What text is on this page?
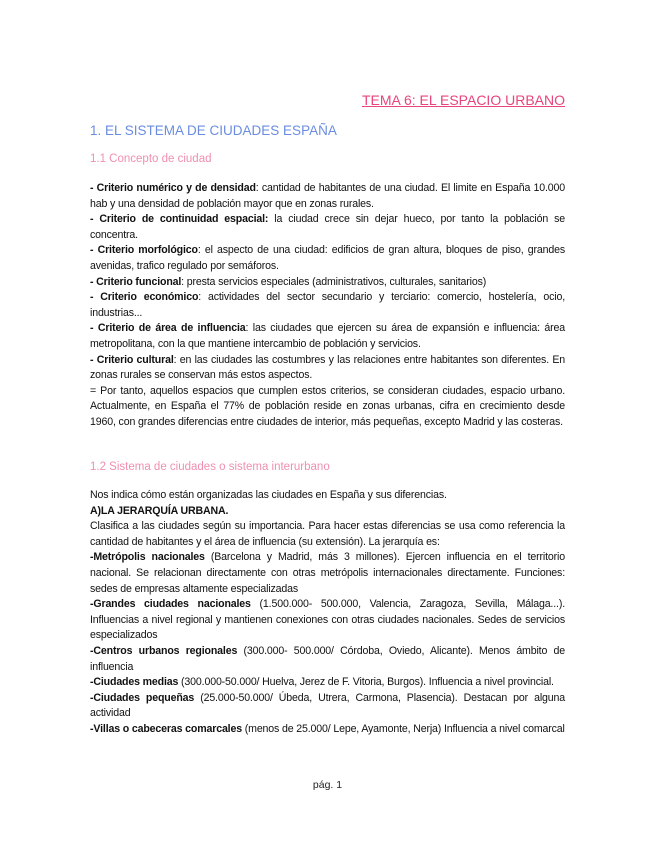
TEMA 6: EL ESPACIO URBANO
1. EL SISTEMA DE CIUDADES ESPAÑA
1.1 Concepto de ciudad

- Criterio numérico y de densidad: cantidad de habitantes de una ciudad. El limite en España 10.000 hab y una densidad de población mayor que en zonas rurales.

- Criterio de continuidad espacial: la ciudad crece sin dejar hueco, por tanto la población se concentra.

- Criterio morfológico: el aspecto de una ciudad: edificios de gran altura, bloques de piso, grandes avenidas, trafico regulado por semáforos.

- Criterio funcional: presta servicios especiales (administrativos, culturales, sanitarios)

- Criterio económico: actividades del sector secundario y terciario: comercio, hostelería, ocio, industrias...

- Criterio de área de influencia: las ciudades que ejercen su área de expansión e influencia: área metropolitana, con la que mantiene intercambio de población y servicios.

- Criterio cultural: en las ciudades las costumbres y las relaciones entre habitantes son diferentes. En zonas rurales se conservan más estos aspectos.

= Por tanto, aquellos espacios que cumplen estos criterios, se consideran ciudades, espacio urbano. Actualmente, en España el 77% de población reside en zonas urbanas, cifra en crecimiento desde 1960, con grandes diferencias entre ciudades de interior, más pequeñas, excepto Madrid y las costeras.

1.2 Sistema de ciudades o sistema interurbano

Nos indica cómo están organizadas las ciudades en España y sus diferencias.

A)LA JERARQUÍA URBANA.

Clasifica a las ciudades según su importancia. Para hacer estas diferencias se usa como referencia la cantidad de habitantes y el área de influencia (su extensión). La jerarquía es:

-Metrópolis nacionales (Barcelona y Madrid, más 3 millones). Ejercen influencia en el territorio nacional. Se relacionan directamente con otras metrópolis internacionales directamente. Funciones: sedes de empresas altamente especializadas

-Grandes ciudades nacionales (1.500.000- 500.000, Valencia, Zaragoza, Sevilla, Málaga...). Influencias a nivel regional y mantienen conexiones con otras ciudades nacionales. Sedes de servicios especializados

-Centros urbanos regionales (300.000- 500.000/ Córdoba, Oviedo, Alicante). Menos ámbito de influencia

-Ciudades medias (300.000-50.000/ Huelva, Jerez de F. Vitoria, Burgos). Influencia a nivel provincial.

-Ciudades pequeñas (25.000-50.000/ Úbeda, Utrera, Carmona, Plasencia). Destacan por alguna actividad

-Villas o cabeceras comarcales (menos de 25.000/ Lepe, Ayamonte, Nerja) Influencia a nivel comarcal

pág. 1
